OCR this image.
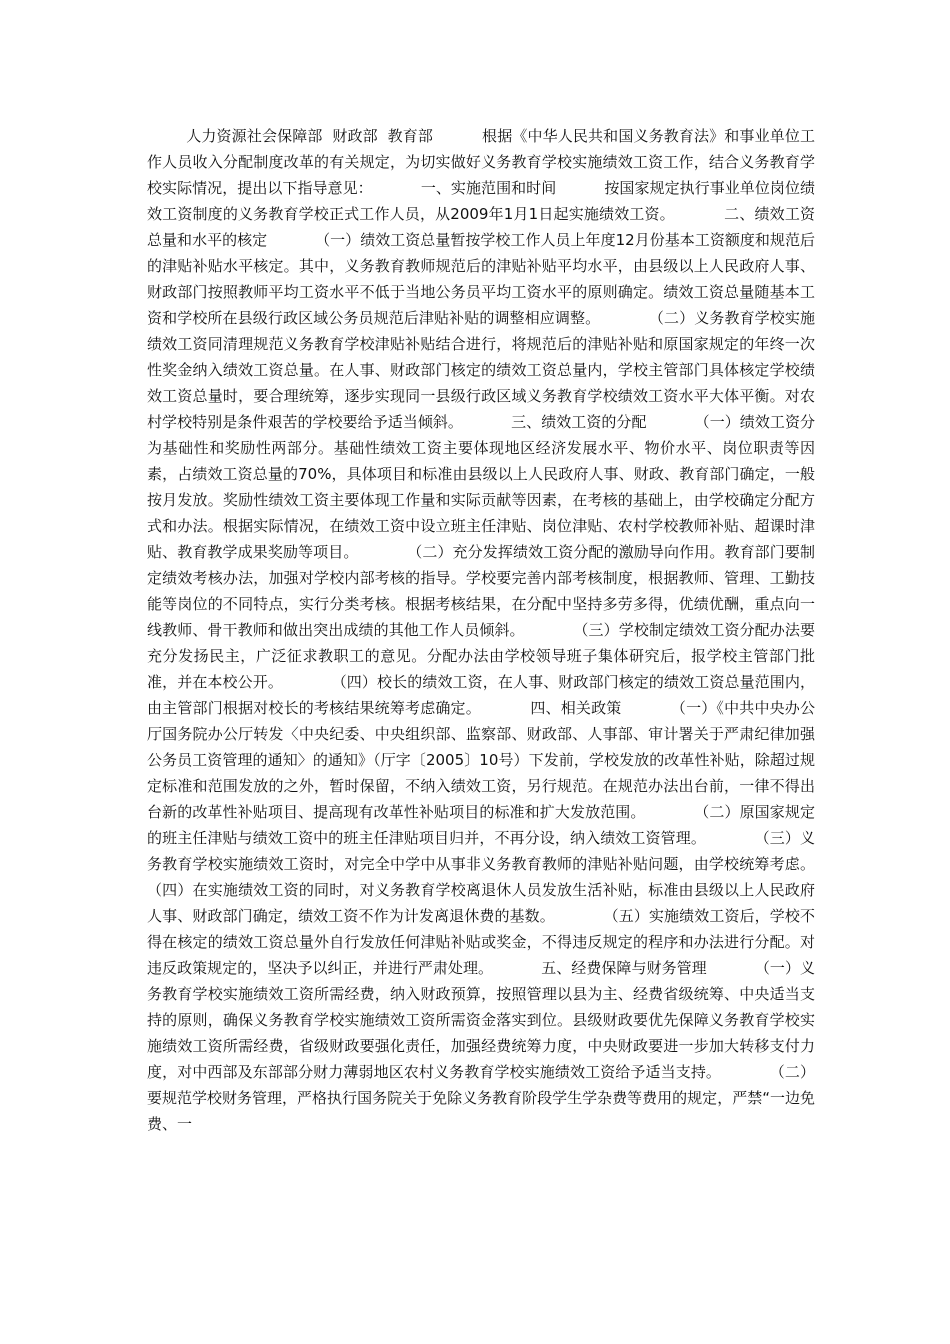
人力资源社会保障部  财政部  教育部          根据《中华人民共和国义务教育法》和事业单位工作人员收入分配制度改革的有关规定，为切实做好义务教育学校实施绩效工资工作，结合义务教育学校实际情况，提出以下指导意见：          一、实施范围和时间          按国家规定执行事业单位岗位绩效工资制度的义务教育学校正式工作人员，从2009年1月1日起实施绩效工资。          二、绩效工资总量和水平的核定          （一）绩效工资总量暂按学校工作人员上年度12月份基本工资额度和规范后的津贴补贴水平核定。其中，义务教育教师规范后的津贴补贴平均水平，由县级以上人民政府人事、财政部门按照教师平均工资水平不低于当地公务员平均工资水平的原则确定。绩效工资总量随基本工资和学校所在县级行政区域公务员规范后津贴补贴的调整相应调整。          （二）义务教育学校实施绩效工资同清理规范义务教育学校津贴补贴结合进行，将规范后的津贴补贴和原国家规定的年终一次性奖金纳入绩效工资总量。在人事、财政部门核定的绩效工资总量内，学校主管部门具体核定学校绩效工资总量时，要合理统筹，逐步实现同一县级行政区域义务教育学校绩效工资水平大体平衡。对农村学校特别是条件艰苦的学校要给予适当倾斜。          三、绩效工资的分配          （一）绩效工资分为基础性和奖励性两部分。基础性绩效工资主要体现地区经济发展水平、物价水平、岗位职责等因素，占绩效工资总量的70%，具体项目和标准由县级以上人民政府人事、财政、教育部门确定，一般按月发放。奖励性绩效工资主要体现工作量和实际贡献等因素，在考核的基础上，由学校确定分配方式和办法。根据实际情况，在绩效工资中设立班主任津贴、岗位津贴、农村学校教师补贴、超课时津贴、教育教学成果奖励等项目。          （二）充分发挥绩效工资分配的激励导向作用。教育部门要制定绩效考核办法，加强对学校内部考核的指导。学校要完善内部考核制度，根据教师、管理、工勤技能等岗位的不同特点，实行分类考核。根据考核结果，在分配中坚持多劳多得，优绩优酬，重点向一线教师、骨干教师和做出突出成绩的其他工作人员倾斜。          （三）学校制定绩效工资分配办法要充分发扬民主，广泛征求教职工的意见。分配办法由学校领导班子集体研究后，报学校主管部门批准，并在本校公开。          （四）校长的绩效工资，在人事、财政部门核定的绩效工资总量范围内，由主管部门根据对校长的考核结果统筹考虑确定。          四、相关政策          （一）《中共中央办公厅国务院办公厅转发〈中央纪委、中央组织部、监察部、财政部、人事部、审计署关于严肃纪律加强公务员工资管理的通知〉的通知》（厅字〔2005〕10号）下发前，学校发放的改革性补贴，除超过规定标准和范围发放的之外，暂时保留，不纳入绩效工资，另行规范。在规范办法出台前，一律不得出台新的改革性补贴项目、提高现有改革性补贴项目的标准和扩大发放范围。          （二）原国家规定的班主任津贴与绩效工资中的班主任津贴项目归并，不再分设，纳入绩效工资管理。          （三）义务教育学校实施绩效工资时，对完全中学中从事非义务教育教师的津贴补贴问题，由学校统筹考虑。          （四）在实施绩效工资的同时，对义务教育学校离退休人员发放生活补贴，标准由县级以上人民政府人事、财政部门确定，绩效工资不作为计发离退休费的基数。          （五）实施绩效工资后，学校不得在核定的绩效工资总量外自行发放任何津贴补贴或奖金，不得违反规定的程序和办法进行分配。对违反政策规定的，坚决予以纠正，并进行严肃处理。          五、经费保障与财务管理          （一）义务教育学校实施绩效工资所需经费，纳入财政预算，按照管理以县为主、经费省级统筹、中央适当支持的原则，确保义务教育学校实施绩效工资所需资金落实到位。县级财政要优先保障义务教育学校实施绩效工资所需经费，省级财政要强化责任，加强经费统筹力度，中央财政要进一步加大转移支付力度，对中西部及东部部分财力薄弱地区农村义务教育学校实施绩效工资给予适当支持。          （二）要规范学校财务管理，严格执行国务院关于免除义务教育阶段学生学杂费等费用的规定，严禁“一边免费、一
